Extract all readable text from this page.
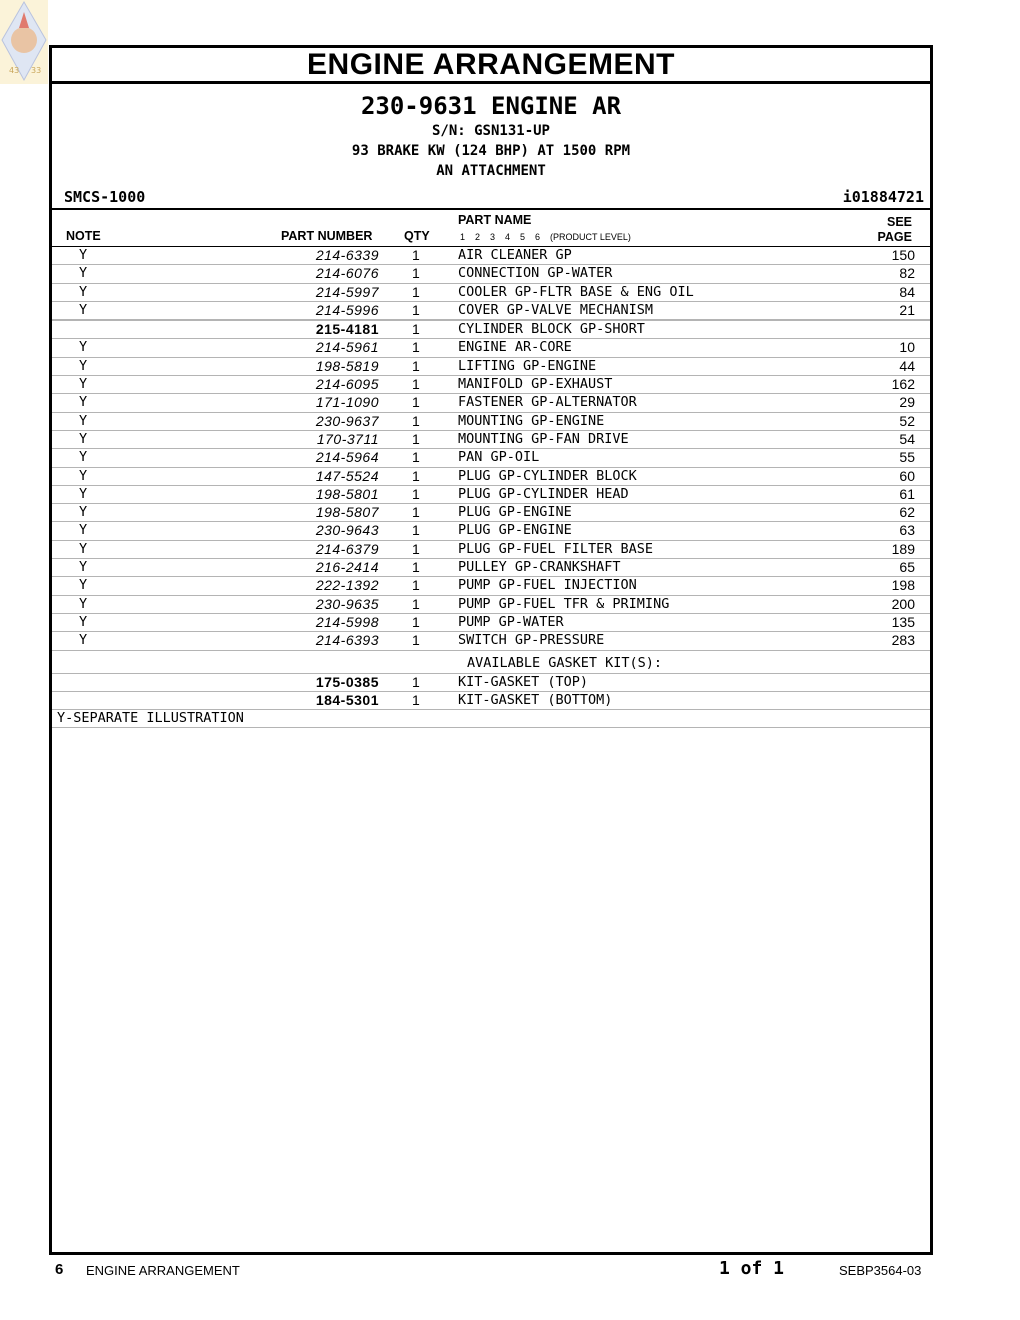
43 33	ENGINE ARRANGEMENT
230-9631 ENGINE AR
S/N: GSN131-UP
93 BRAKE KW (124 BHP) AT 1500 RPM
AN ATTACHMENT
SMCS-1000	i01884721
NOTE	PART NUMBER	QTY
PART NAME
1    2    3    4    5    6    (PRODUCT LEVEL)
SEE
PAGE
Y	214-6339 1	AIR CLEANER GP	150
Y	214-6076 1	CONNECTION GP-WATER	82
Y	214-5997 1	COOLER GP-FLTR BASE & ENG OIL	84
Y	214-5996 1	COVER GP-VALVE MECHANISM	21
215-4181 1	CYLINDER BLOCK GP-SHORT
Y	214-5961 1	ENGINE AR-CORE	10
Y	198-5819 1	LIFTING GP-ENGINE	44
Y	214-6095 1	MANIFOLD GP-EXHAUST	162
Y	171-1090 1	FASTENER GP-ALTERNATOR	29
Y	230-9637 1	MOUNTING GP-ENGINE	52
Y	170-3711 1	MOUNTING GP-FAN DRIVE	54
Y	214-5964 1	PAN GP-OIL	55
Y	147-5524 1	PLUG GP-CYLINDER BLOCK	60
Y	198-5801 1	PLUG GP-CYLINDER HEAD	61
Y	198-5807 1	PLUG GP-ENGINE	62
Y	230-9643 1	PLUG GP-ENGINE	63
Y	214-6379 1	PLUG GP-FUEL FILTER BASE	189
Y	216-2414 1	PULLEY GP-CRANKSHAFT	65
Y	222-1392 1	PUMP GP-FUEL INJECTION	198
Y	230-9635 1	PUMP GP-FUEL TFR & PRIMING	200
Y	214-5998 1	PUMP GP-WATER	135
Y	214-6393 1	SWITCH GP-PRESSURE	283
AVAILABLE GASKET KIT(S):
175-0385 1	KIT-GASKET (TOP)
184-5301 1	KIT-GASKET (BOTTOM)
Y-SEPARATE ILLUSTRATION
6 ENGINE ARRANGEMENT	1 of 1	SEBP3564-03
